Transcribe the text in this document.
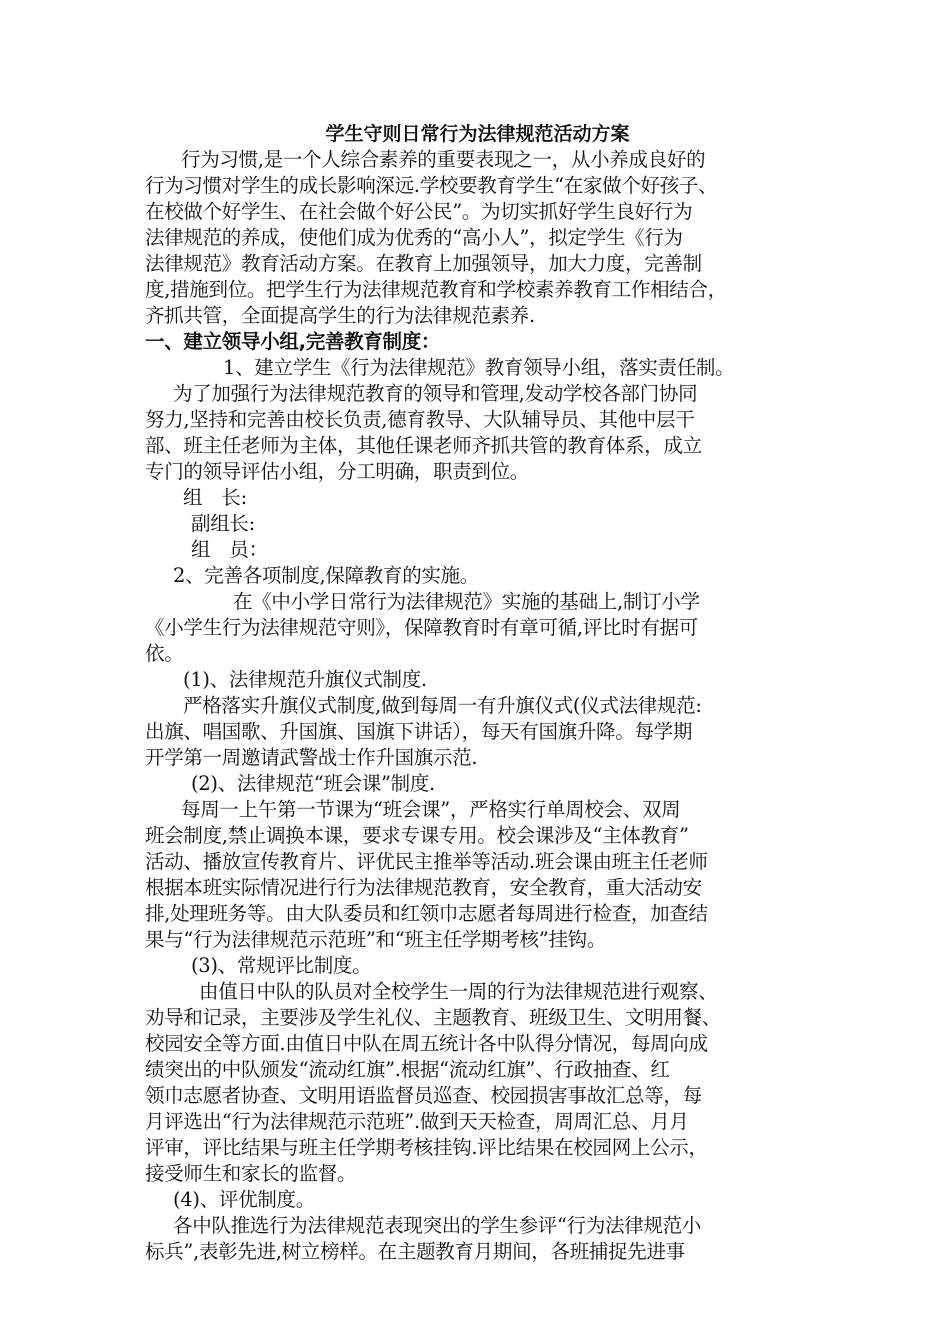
学生守则日常行为法律规范活动方案
行为习惯,是一个人综合素养的重要表现之一，从小养成良好的
行为习惯对学生的成长影响深远.学校要教育学生“在家做个好孩子、
在校做个好学生、在社会做个好公民”。为切实抓好学生良好行为
法律规范的养成，使他们成为优秀的“高小人”，拟定学生《行为
法律规范》教育活动方案。在教育上加强领导，加大力度，完善制
度,措施到位。把学生行为法律规范教育和学校素养教育工作相结合，
齐抓共管，全面提高学生的行为法律规范素养.
一、建立领导小组,完善教育制度：
1、建立学生《行为法律规范》教育领导小组，落实责任制。
为了加强行为法律规范教育的领导和管理,发动学校各部门协同
努力,坚持和完善由校长负责,德育教导、大队辅导员、其他中层干
部、班主任老师为主体，其他任课老师齐抓共管的教育体系，成立
专门的领导评估小组，分工明确，职责到位。
组　长:
副组长:
组　员：
2、完善各项制度,保障教育的实施。
在《中小学日常行为法律规范》实施的基础上,制订小学
《小学生行为法律规范守则》，保障教育时有章可循,评比时有据可
依。
(1)、法律规范升旗仪式制度.
严格落实升旗仪式制度,做到每周一有升旗仪式(仪式法律规范:
出旗、唱国歌、升国旗、国旗下讲话），每天有国旗升降。每学期
开学第一周邀请武警战士作升国旗示范.
(2)、法律规范“班会课”制度.
每周一上午第一节课为“班会课”，严格实行单周校会、双周
班会制度,禁止调换本课，要求专课专用。校会课涉及“主体教育”
活动、播放宣传教育片、评优民主推举等活动.班会课由班主任老师
根据本班实际情况进行行为法律规范教育，安全教育，重大活动安
排,处理班务等。由大队委员和红领巾志愿者每周进行检查，加查结
果与“行为法律规范示范班”和“班主任学期考核”挂钩。
(3)、常规评比制度。
由值日中队的队员对全校学生一周的行为法律规范进行观察、
劝导和记录，主要涉及学生礼仪、主题教育、班级卫生、文明用餐、
校园安全等方面.由值日中队在周五统计各中队得分情况，每周向成
绩突出的中队颁发“流动红旗”.根据“流动红旗”、行政抽查、红
领巾志愿者协查、文明用语监督员巡查、校园损害事故汇总等，每
月评选出“行为法律规范示范班”.做到天天检查，周周汇总、月月
评审，评比结果与班主任学期考核挂钩.评比结果在校园网上公示，
接受师生和家长的监督。
(4)、评优制度。
各中队推选行为法律规范表现突出的学生参评“行为法律规范小
标兵”,表彰先进,树立榜样。在主题教育月期间，各班捕捉先进事
